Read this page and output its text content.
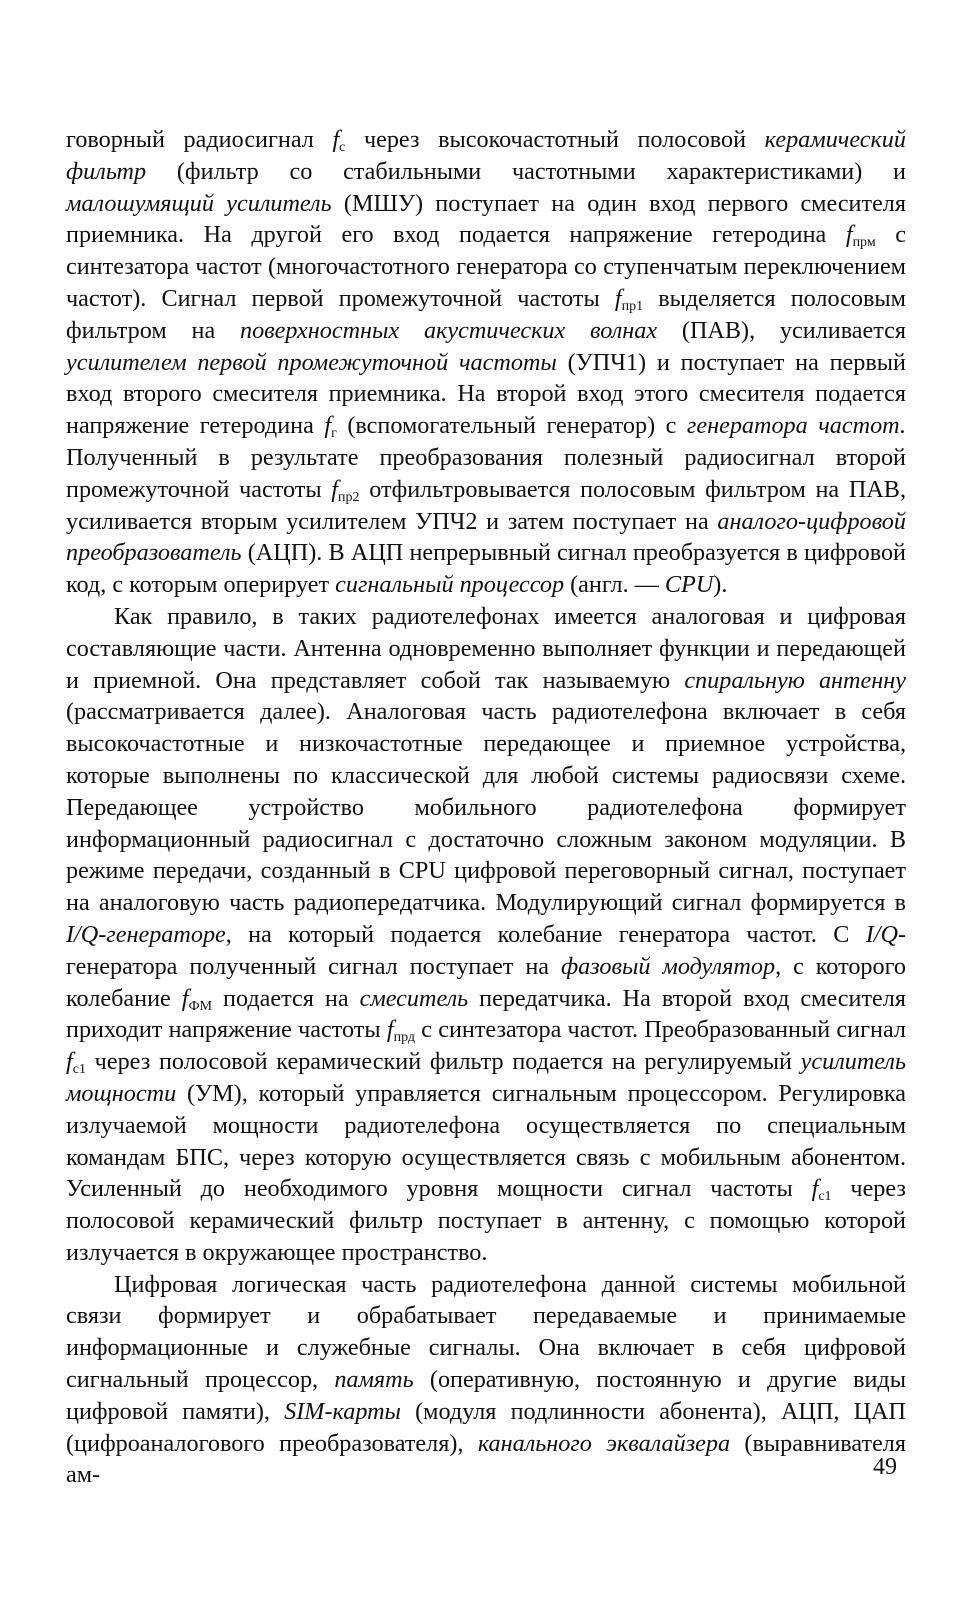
говорный радиосигнал $f_с$ через высокочастотный полосовой керамический фильтр (фильтр со стабильными частотными характеристиками) и малошумящий усилитель (МШУ) поступает на один вход первого смесителя приемника. На другой его вход подается напряжение гетеродина $f_{прм}$ с синтезатора частот (многочастотного генератора со ступенчатым переключением частот). Сигнал первой промежуточной частоты $f_{пр1}$ выделяется полосовым фильтром на поверхностных акустических волнах (ПАВ), усиливается усилителем первой промежуточной частоты (УПЧ1) и поступает на первый вход второго смесителя приемника. На второй вход этого смесителя подается напряжение гетеродина $f_г$ (вспомогательный генератор) с генератора частот. Полученный в результате преобразования полезный радиосигнал второй промежуточной частоты $f_{пр2}$ отфильтровывается полосовым фильтром на ПАВ, усиливается вторым усилителем УПЧ2 и затем поступает на аналого-цифровой преобразователь (АЦП). В АЦП непрерывный сигнал преобразуется в цифровой код, с которым оперирует сигнальный процессор (англ. — CPU).

Как правило, в таких радиотелефонах имеется аналоговая и цифровая составляющие части. Антенна одновременно выполняет функции и передающей и приемной. Она представляет собой так называемую спиральную антенну (рассматривается далее). Аналоговая часть радиотелефона включает в себя высокочастотные и низкочастотные передающее и приемное устройства, которые выполнены по классической для любой системы радиосвязи схеме. Передающее устройство мобильного радиотелефона формирует информационный радиосигнал с достаточно сложным законом модуляции. В режиме передачи, созданный в CPU цифровой переговорный сигнал, поступает на аналоговую часть радиопередатчика. Модулирующий сигнал формируется в I/Q-генераторе, на который подается колебание генератора частот. С I/Q-генератора полученный сигнал поступает на фазовый модулятор, с которого колебание $f_{ФМ}$ подается на смеситель передатчика. На второй вход смесителя приходит напряжение частоты $f_{прд}$ с синтезатора частот. Преобразованный сигнал $f_{с1}$ через полосовой керамический фильтр подается на регулируемый усилитель мощности (УМ), который управляется сигнальным процессором. Регулировка излучаемой мощности радиотелефона осуществляется по специальным командам БПС, через которую осуществляется связь с мобильным абонентом. Усиленный до необходимого уровня мощности сигнал частоты $f_{с1}$ через полосовой керамический фильтр поступает в антенну, с помощью которой излучается в окружающее пространство.

Цифровая логическая часть радиотелефона данной системы мобильной связи формирует и обрабатывает передаваемые и принимаемые информационные и служебные сигналы. Она включает в себя цифровой сигнальный процессор, память (оперативную, постоянную и другие виды цифровой памяти), SIM-карты (модуля подлинности абонента), АЦП, ЦАП (цифроаналогового преобразователя), канального эквалайзера (выравнивателя ам-	49
